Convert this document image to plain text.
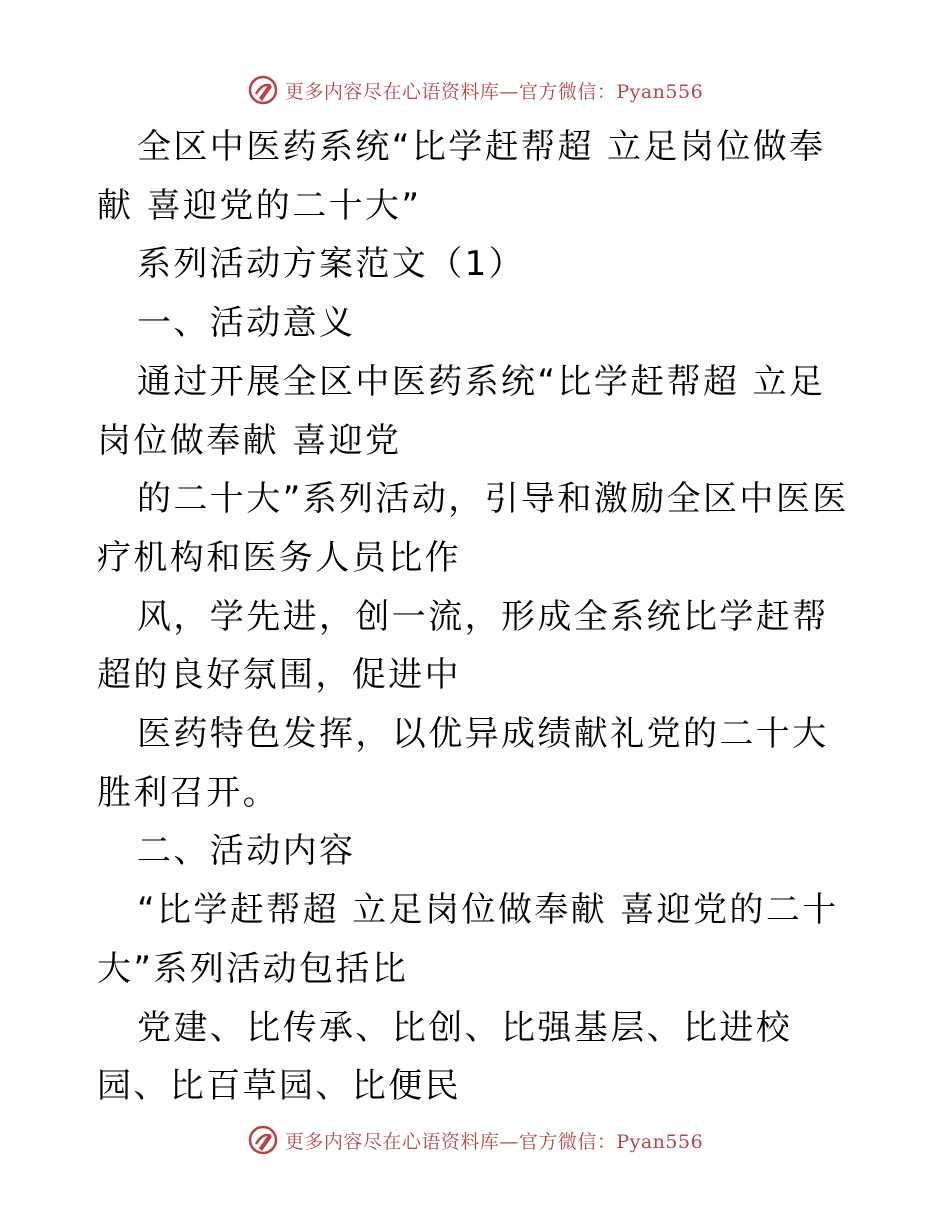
更多内容尽在心语资料库—官方微信：Pyan556

全区中医药系统“比学赶帮超 立足岗位做奉献 喜迎党的二十大”

系列活动方案范文（1）

一、活动意义

通过开展全区中医药系统“比学赶帮超 立足岗位做奉献 喜迎党

的二十大”系列活动，引导和激励全区中医医疗机构和医务人员比作

风，学先进，创一流，形成全系统比学赶帮超的良好氛围，促进中

医药特色发挥，以优异成绩献礼党的二十大胜利召开。

二、活动内容

“比学赶帮超 立足岗位做奉献 喜迎党的二十大”系列活动包括比

党建、比传承、比创、比强基层、比进校园、比百草园、比便民

更多内容尽在心语资料库—官方微信：Pyan556
